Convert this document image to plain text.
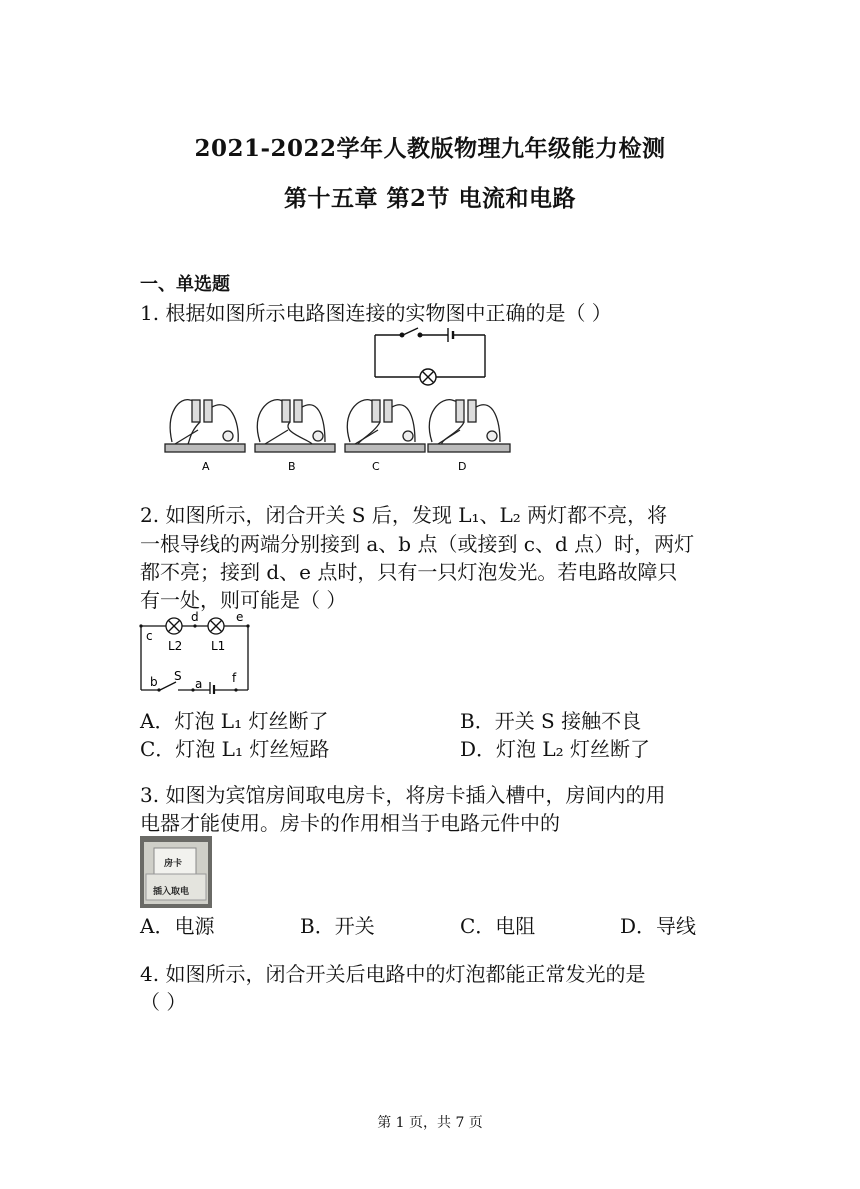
2021-2022学年人教版物理九年级能力检测
第十五章 第2节 电流和电路
一、单选题
1. 根据如图所示电路图连接的实物图中正确的是（ ）
A	B	C	D
2. 如图所示，闭合开关 S 后，发现 L₁、L₂ 两灯都不亮，将
一根导线的两端分别接到 a、b 点（或接到 c、d 点）时，两灯
都不亮；接到 d、e 点时，只有一只灯泡发光。若电路故障只
有一处，则可能是（ ）
c
d	e
L2 L1
b S
a f
A．灯泡 L₁ 灯丝断了	B．开关 S 接触不良
C．灯泡 L₁ 灯丝短路	D．灯泡 L₂ 灯丝断了
3. 如图为宾馆房间取电房卡，将房卡插入槽中，房间内的用
电器才能使用。房卡的作用相当于电路元件中的
房卡
插入取电
A．电源	B．开关	C．电阻	D．导线
4. 如图所示，闭合开关后电路中的灯泡都能正常发光的是
（ ）
第 1 页，共 7 页
